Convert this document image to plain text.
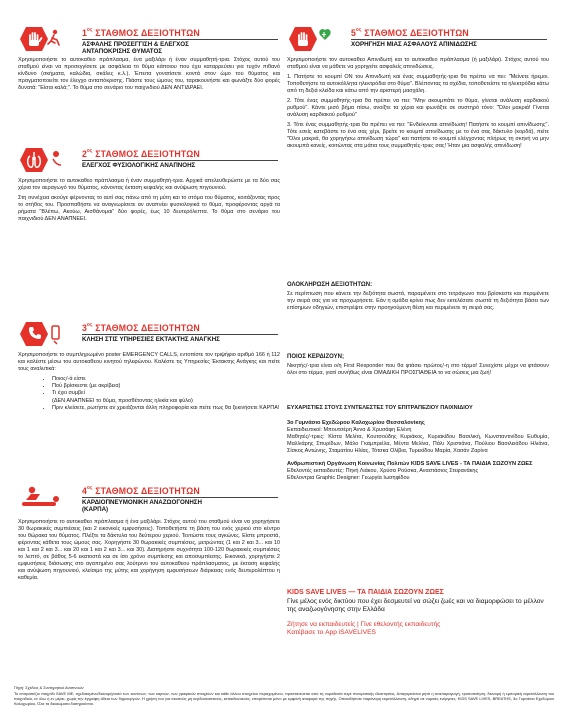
$1^{o\varsigma}$ ΣΤΑΘΜΟΣ ΔΕΞΙΟΤΗΤΩΝ
ΑΣΦΑΛΗΣ ΠΡΟΣΕΓΓΙΣΗ & ΕΛΕΓΧΟΣ
ΑΝΤΑΠΟΚΡΙΣΗΣ ΘΥΜΑΤΟΣ

Χρησιμοποιήστε το αυτοκαθεο πράπλασμα, ένα μαξιλάρι ή έναν συμμαθητή-τρια. Στόχος αυτού του σταθμού είναι να προσεγγίσετε με ασφάλεια το θύμα κάποιου που έχει καταρρεύσει για τυχόν πιθανό κίνδυνο (σκήματα, καλώδια, σκάλες κ.λ.). Έπειτα γονατίσετε κοντά στον ώμο του θύματος και πραγματοποιείτε τον έλεγχο ανταπόκρισης. Πιάστε τους ώμους του, ταρακουνήστε και φωνάξτε δύο φορές δυνατά: "Είσαι καλά;". Το θύμα στο σενάριο του παιχνιδιού ΔΕΝ ΑΝΤΙΔΡΑΕΙ.

$2^{o\varsigma}$ ΣΤΑΘΜΟΣ ΔΕΞΙΟΤΗΤΩΝ
ΕΛΕΓΧΟΣ ΦΥΣΙΟΛΟΓΙΚΗΣ ΑΝΑΠΝΟΗΣ

Χρησιμοποιήστε το αυτοκαθεο πράπλασμα ή έναν συμμαθητή-τρια. Αρχικά απελευθερώστε με τα δύο σας χέρια τον αεραγωγό του θύματος, κάνοντας έκταση κεφαλής και ανύψωση πηγουνιού.

Στη συνέχεια ακούγε φέρνοντας το αυτί σας πάνω από τη μύτη και το στόμα του θύματος, κοιτάζοντας προς το στήθος του. Προσπαθήστε να αναγνωρίσετε αν αναπνέει φυσιολογικά το θύμα, προφέροντας αργά τα ρήματα "Βλέπω, Ακούω, Αισθάνομαι" δύο φορές, έως 10 δευτερόλεπτα. Το θύμα στο σενάριο του παιχνιδιού ΔΕΝ ΑΝΑΠΝΕΕΙ.

$3^{o\varsigma}$ ΣΤΑΘΜΟΣ ΔΕΞΙΟΤΗΤΩΝ
ΚΛΗΣΗ ΣΤΙΣ ΥΠΗΡΕΣΙΕΣ ΕΚΤΑΚΤΗΣ ΑΝΑΓΚΗΣ

Χρησιμοποιήστε το συμπληρωμένο poster EMERGENCY CALLS, εντοπίστε τον τριψήφιο αριθμό 166 ή 112 και καλέστε μέσω του αυτοκαθεου κινητού τηλεφώνου. Καλέστε τις Υπηρεσίες Έκτακτης Ανάγκης και πείτε τους αναλυτικά:

• Ποιος/-ά είστε
• Πού βρίσκεστε (με ακρίβεια)
• Τι έχει συμβεί
(ΔΕΝ ΑΝΑΠΝΕΕΙ το θύμα, προσθέτοντας ηλικία και φύλο)
• Πριν κλείσετε, ρωτήστε αν χρειάζονται άλλη πληροφορία και πείτε πως θα ξεκινήσετε ΚΑΡΠΑ!
$4^{o\varsigma}$ ΣΤΑΘΜΟΣ ΔΕΞΙΟΤΗΤΩΝ
ΚΑΡΔΙΟΠΝΕΥΜΟΝΙΚΗ ΑΝΑΖΩΟΓΟΝΗΣΗ
(ΚΑΡΠΑ)

Χρησιμοποιήστε το αυτοκαθεο πράπλασμα ή ένα μαξιλάρι. Στόχος αυτού του σταθμού είναι να χορηγήσετε 30 θωρακικές συμπιέσεις (και 2 εικονικές εμφυσήσεις). Τοποθετήστε τη βάση του ενός χεριού στο κέντρο του θώρακα του θύματος. Πλέξτε τα δάκτυλα του δεύτερου χεριού. Τεντώστε τους αγκώνες. Είστε μπροστά, φέροντας κάθετα τους ώμους σας. Χορηγήστε 30 θωρακικές συμπιέσεις, μετρώντας (1 και 2 και 3... και 10 και 1 και 2 και 3... και 20 και 1 και 2 και 3... και 30). Διατηρήστε συχνότητα 100-120 θωρακικές συμπιέσεις το λεπτό, σε βάθος 5-6 εκατοστά και σε ίσο χρόνο συμπίεσης και αποσυμπίεσης. Εικονικά, χορηγήστε 2 εμφυσήσεις διάσωσης στο αγαπημένο σας λούτρινο του αυτοκαθεου πράπλασματος, με έκταση κεφαλής και ανύψωση πηγουνιού, κλείσιμο της μύτης και χορήγηση εμφυσήσεων διάρκειας ενός δευτερολέπτου η καθεμία.

$5^{o\varsigma}$ ΣΤΑΘΜΟΣ ΔΕΞΙΟΤΗΤΩΝ
ΧΟΡΗΓΗΣΗ ΜΙΑΣ ΑΣΦΑΛΟΥΣ ΑΠΙΝΙΔΩΣΗΣ

Χρησιμοποιήστε τον αυτοκαθεο Απινιδωτή και το αυτοκαθεο πράπλασμα (ή μαξιλάρι). Στόχος αυτού του σταθμού είναι να μάθετε να χορηγείτε ασφαλείς απινιδώσεις.

1. Πατήστε το κουμπί ON του Απινιδωτή και ένας συμμαθητής-τρια θα πρέπει να πει: "Μείνετε ήρεμοι. Τοποθετήστε τα αυτοκόλλητα ηλεκτρόδια στο θύμα". Βλέποντας τα σχέδια, τοποθετείστε τα ηλεκτρόδια κάτω από τη δεξιά κλείδα και κάτω από την αριστερή μασχάλη.

2. Τότε ένας συμμαθητής-τρια θα πρέπει να πει: "Μην ακουμπάτε το θύμα, γίνεται ανάλυση καρδιακού ρυθμού". Κάντε μισό βήμα πίσω, ανοίξτε τα χέρια και φωνάξτε σε συστηρό τόνο: "Όλοι μακριά! Γίνεται ανάλυση καρδιακού ρυθμού"

3. Τότε ένας συμμαθητής-τρια θα πρέπει να πει: "Ενδείκνυται απινίδωση! Πατήστε το κουμπί απινίδωσης". Τότε εσείς κατεβάστε το ένα σας χέρι, βρείτε το κουμπί απινίδωσης με το ένα σας δάκτυλο (κορδά), πείτε "Όλοι μακριά, θα χορηγήσω απινίδωση τώρα" και πατήστε το κουμπί ελέγχοντας πλήρως τη σκηνή να μην ακουμπά κανείς, κοιτώντας στα μάτια τους συμμαθητές-τριες σας! Ήταν μια ασφαλής απινίδωση!

ΟΛΟΚΛΗΡΩΣΗ ΔΕΞΙΟΤΗΤΩΝ:

Σε περίπτωση που κάνετε την δεξιότητα σωστά, παραμένετε στο τετράγωνο που βρίσκεστε και περιμένετε την σειρά σας για να προχωρήσετε. Εάν η ομάδα κρίνει πως δεν εκτελέσατε σωστά τη δεξιότητα βάσει των επίσημων οδηγιών, επιστρέψτε στην προηγούμενη θέση και περιμένετε τη σειρά σας.

ΠΟΙΟΣ ΚΕΡΔΙΖΟΥΝ;

Νικητής/-τρια είναι ο/η First Responder που θα φτάσει πρώτος/-η στο τέρμα! Συνεχίστε μέχρι να φτάσουν όλοι στο τέρμα, γιατί συνήθως είναι ΟΜΑΔΙΚΗ ΠΡΟΣΠΑΘΕΙΑ το να σώσεις μια ζωή!

ΕΥΧΑΡΙΣΤΙΕΣ ΣΤΟΥΣ ΣΥΝΤΕΛΕΣΤΕΣ ΤΟΥ ΕΠΙΤΡΑΠΕΖΙΟΥ ΠΑΙΧΝΙΔΙΟΥ
3ο Γυμνάσιο Εχεδώρου Καλοχωρίου Θεσσαλονίκης

Εκπαιδευτικοί: Μπουτσέρη Άννα & Χρυσάφη Ελένη

Μαθητές/-τριες: Κίστα Μελίτα, Κουτσούδης Κυριάκος, Κυριακίδου Βασιλική, Κωνσταντινίδου Ευθυμία, Μαλλιάρης Σπυρίδων, Μάλο Γκαμπριέλα, Μέντα Μελίνα, Πάλι Χριστιάνα, Πούλιου Βασιλειάδου Ηλιάνα, Σίσκος Αντώνης, Σταματίου Ηλίας, Τότσκα Ολίβια, Τυρεκίδου Μαρία, Χασάν Ζαρίνα

Ανθρωπιστική Οργάνωση Κοινωνίας Πολιτών KIDS SAVE LIVES - ΤΑ ΠΑΙΔΙΑ ΣΩΖΟΥΝ ΖΩΕΣ

Εθελοντές εκπαιδευτές: Πηνή Λιάκου, Χρύσα Ρούσκα, Αναστάσιος Στεφανάκης

Εθελοντρια Graphic Designer: Γεωργία Ιωσηφίδου

KIDS SAVE LIVES — ΤΑ ΠΑΙΔΙΑ ΣΩΖΟΥΝ ΖΩΕΣ
Γίνε μέλος ενός δικτύου που έχει δεσμευτεί να σώζει ζωές και να διαμορφώσει το μέλλον της αναζωογόνησης στην Ελλάδα
Ζήτησε να εκπαιδευτείς | Γίνε εθελοντής εκπαιδευτής
Κατέβασε το App iSAVELIVES
Πηγή: Σχέδιος & Συντηρητικό Αναπνοών
Το επιτραπέζιο παιχνίδι SAVE ME, σχεδιασμένο/διανομή/αυτό των κανόνων, των καρτών, των γραφικών στοιχείων και κάθε άλλου στοιχείου περιεχομένου, προστατεύεται από τη νομοθεσία περί πνευματικής ιδιοκτησίας. Απαγορεύεται ρητά η αναπαραγωγή, τροποποίηση, διανομή ή εμπορική εκμετάλλευση του παιχνιδιού, εν όλω ή εν μέρει, χωρίς την έγγραφη άδεια των δημιουργών. Η χρήση του για σκοπούς μη κερδοσκοπικούς, εκπαιδευτικούς, επιτρέπεται μόνο με εμφανή αναφορά της πηγής. Οποιαδήποτε παράνομη εκμετάλλευση, οδηγεί σε νομικές ενέργειες. KIDS SAVE LIVES, BREATHS, 3ο Γυμνάσιο Εχεδώρου Καλοχωρίου, Όλα τα δικαιώματα διατηρούνται.
